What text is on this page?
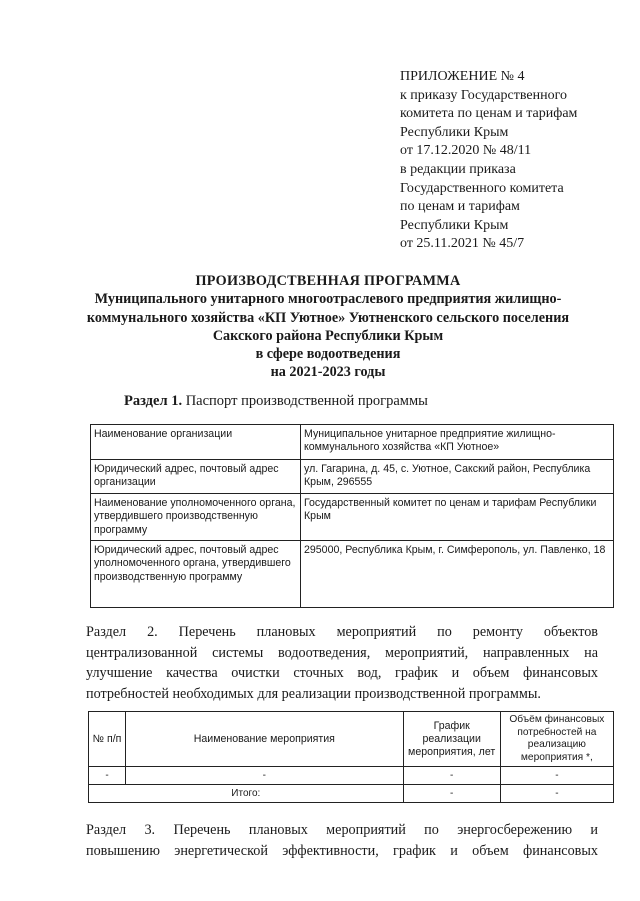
ПРИЛОЖЕНИЕ № 4
к приказу Государственного
комитета по ценам и тарифам
Республики Крым
от 17.12.2020 № 48/11
в редакции приказа
Государственного комитета
по ценам и тарифам
Республики Крым
от 25.11.2021 № 45/7
ПРОИЗВОДСТВЕННАЯ ПРОГРАММА
Муниципального унитарного многоотраслевого предприятия жилищно-
коммунального хозяйства «КП Уютное» Уютненского сельского поселения
Сакского района Республики Крым
в сфере водоотведения
на 2021-2023 годы
Раздел 1. Паспорт производственной программы
Наименование организации	Муниципальное унитарное предприятие жилищно-коммунального хозяйства «КП Уютное»
Юридический адрес, почтовый адрес организации	ул. Гагарина, д. 45, с. Уютное, Сакский район, Республика Крым, 296555
Наименование уполномоченного органа, утвердившего производственную программу	Государственный комитет по ценам и тарифам Республики Крым
Юридический адрес, почтовый адрес уполномоченного органа, утвердившего производственную программу	295000, Республика Крым, г. Симферополь, ул. Павленко, 18
Раздел 2. Перечень плановых мероприятий по ремонту объектов
централизованной системы водоотведения, мероприятий, направленных на
улучшение качества очистки сточных вод, график и объем финансовых
потребностей необходимых для реализации производственной программы.
№ п/п	Наименование мероприятия	График реализации мероприятия, лет	Объём финансовых потребностей на реализацию мероприятия *,
-	-	-	-
Итого:		-	-
Раздел 3. Перечень плановых мероприятий по энергосбережению и
повышению энергетической эффективности, график и объем финансовых
